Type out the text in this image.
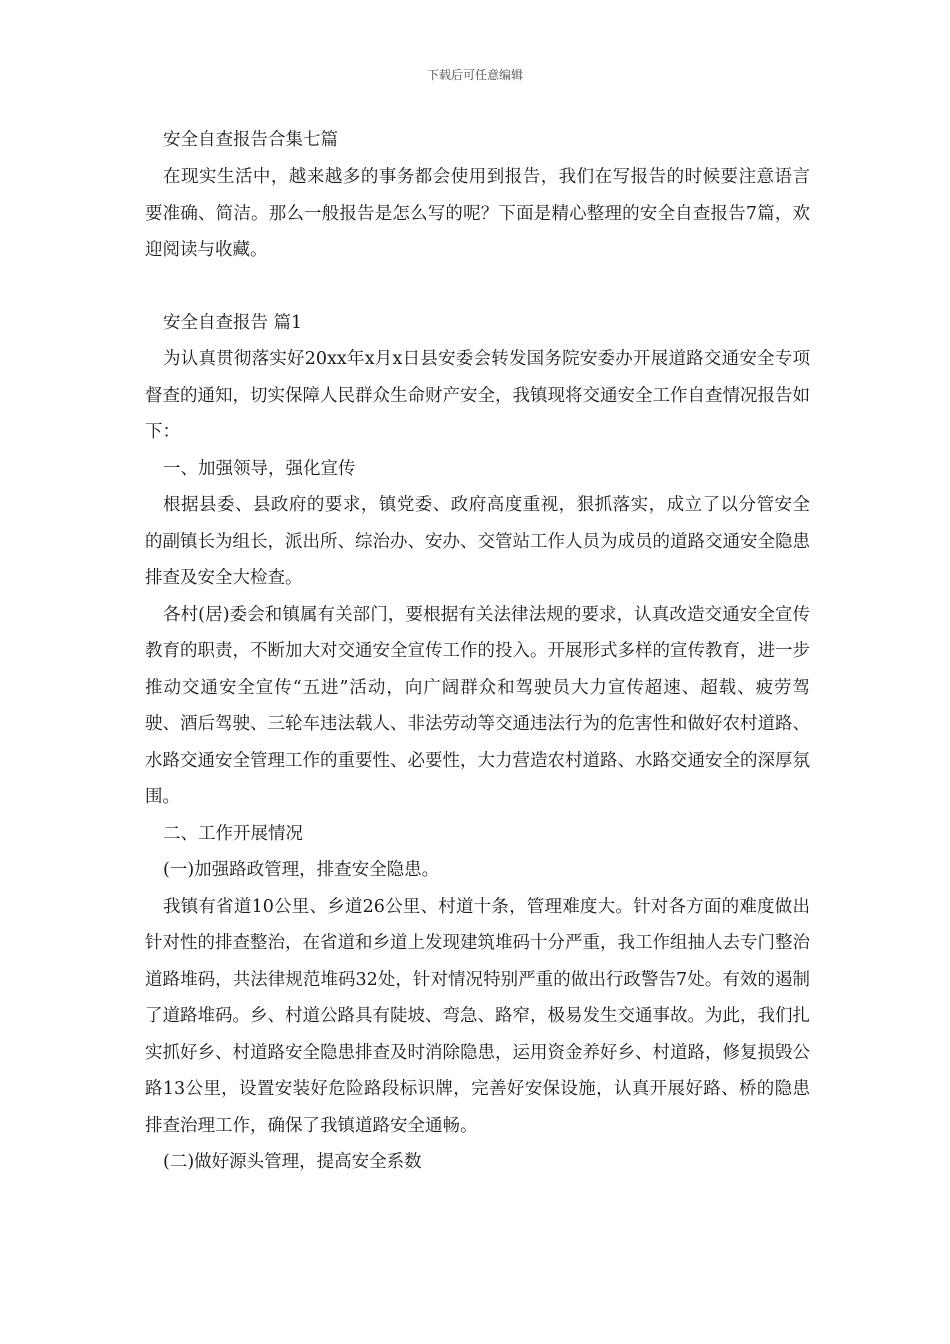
下载后可任意编辑

安全自查报告合集七篇

在现实生活中，越来越多的事务都会使用到报告，我们在写报告的时候要注意语言要准确、简洁。那么一般报告是怎么写的呢？下面是精心整理的安全自查报告7篇，欢迎阅读与收藏。

安全自查报告 篇1

为认真贯彻落实好20xx年x月x日县安委会转发国务院安委办开展道路交通安全专项督查的通知，切实保障人民群众生命财产安全，我镇现将交通安全工作自查情况报告如下：

一、加强领导，强化宣传

根据县委、县政府的要求，镇党委、政府高度重视，狠抓落实，成立了以分管安全的副镇长为组长，派出所、综治办、安办、交管站工作人员为成员的道路交通安全隐患排查及安全大检查。

各村(居)委会和镇属有关部门，要根据有关法律法规的要求，认真改造交通安全宣传教育的职责，不断加大对交通安全宣传工作的投入。开展形式多样的宣传教育，进一步推动交通安全宣传“五进”活动，向广阔群众和驾驶员大力宣传超速、超载、疲劳驾驶、酒后驾驶、三轮车违法载人、非法劳动等交通违法行为的危害性和做好农村道路、水路交通安全管理工作的重要性、必要性，大力营造农村道路、水路交通安全的深厚氛围。

二、工作开展情况

(一)加强路政管理，排查安全隐患。

我镇有省道10公里、乡道26公里、村道十条，管理难度大。针对各方面的难度做出针对性的排查整治，在省道和乡道上发现建筑堆码十分严重，我工作组抽人去专门整治道路堆码，共法律规范堆码32处，针对情况特别严重的做出行政警告7处。有效的遏制了道路堆码。乡、村道公路具有陡坡、弯急、路窄，极易发生交通事故。为此，我们扎实抓好乡、村道路安全隐患排查及时消除隐患，运用资金养好乡、村道路，修复损毁公路13公里，设置安装好危险路段标识牌，完善好安保设施，认真开展好路、桥的隐患排查治理工作，确保了我镇道路安全通畅。

(二)做好源头管理，提高安全系数
